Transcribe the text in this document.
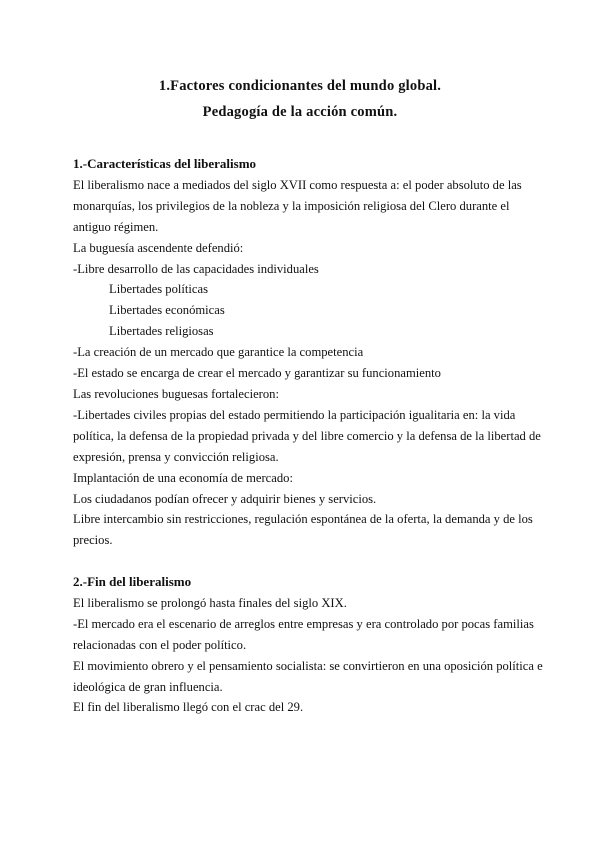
1.Factores condicionantes del mundo global.
Pedagogía de la acción común.
1.-Características del liberalismo
El liberalismo nace a mediados del siglo XVII como respuesta a: el poder absoluto de las monarquías, los privilegios de la nobleza y la imposición religiosa del Clero durante el antiguo régimen.
La buguesía ascendente defendió:
-Libre desarrollo de las capacidades individuales
Libertades políticas
Libertades económicas
Libertades religiosas
-La creación de un mercado que garantice la competencia
-El estado se encarga de crear el mercado y garantizar su funcionamiento
Las revoluciones buguesas fortalecieron:
-Libertades civiles propias del estado permitiendo la participación igualitaria en: la vida política, la defensa de la propiedad privada y del libre comercio y la defensa de la libertad de expresión, prensa y convicción religiosa.
Implantación de una economía de mercado:
Los ciudadanos podían ofrecer y adquirir bienes y servicios.
Libre intercambio sin restricciones, regulación espontánea de la oferta, la demanda y de los precios.
2.-Fin del liberalismo
El liberalismo se prolongó hasta finales del siglo XIX.
-El mercado era el escenario de arreglos entre empresas y era controlado por pocas familias relacionadas con el poder político.
El movimiento obrero y el pensamiento socialista: se convirtieron en una oposición política e ideológica de gran influencia.
El fin del liberalismo llegó con el crac del 29.
